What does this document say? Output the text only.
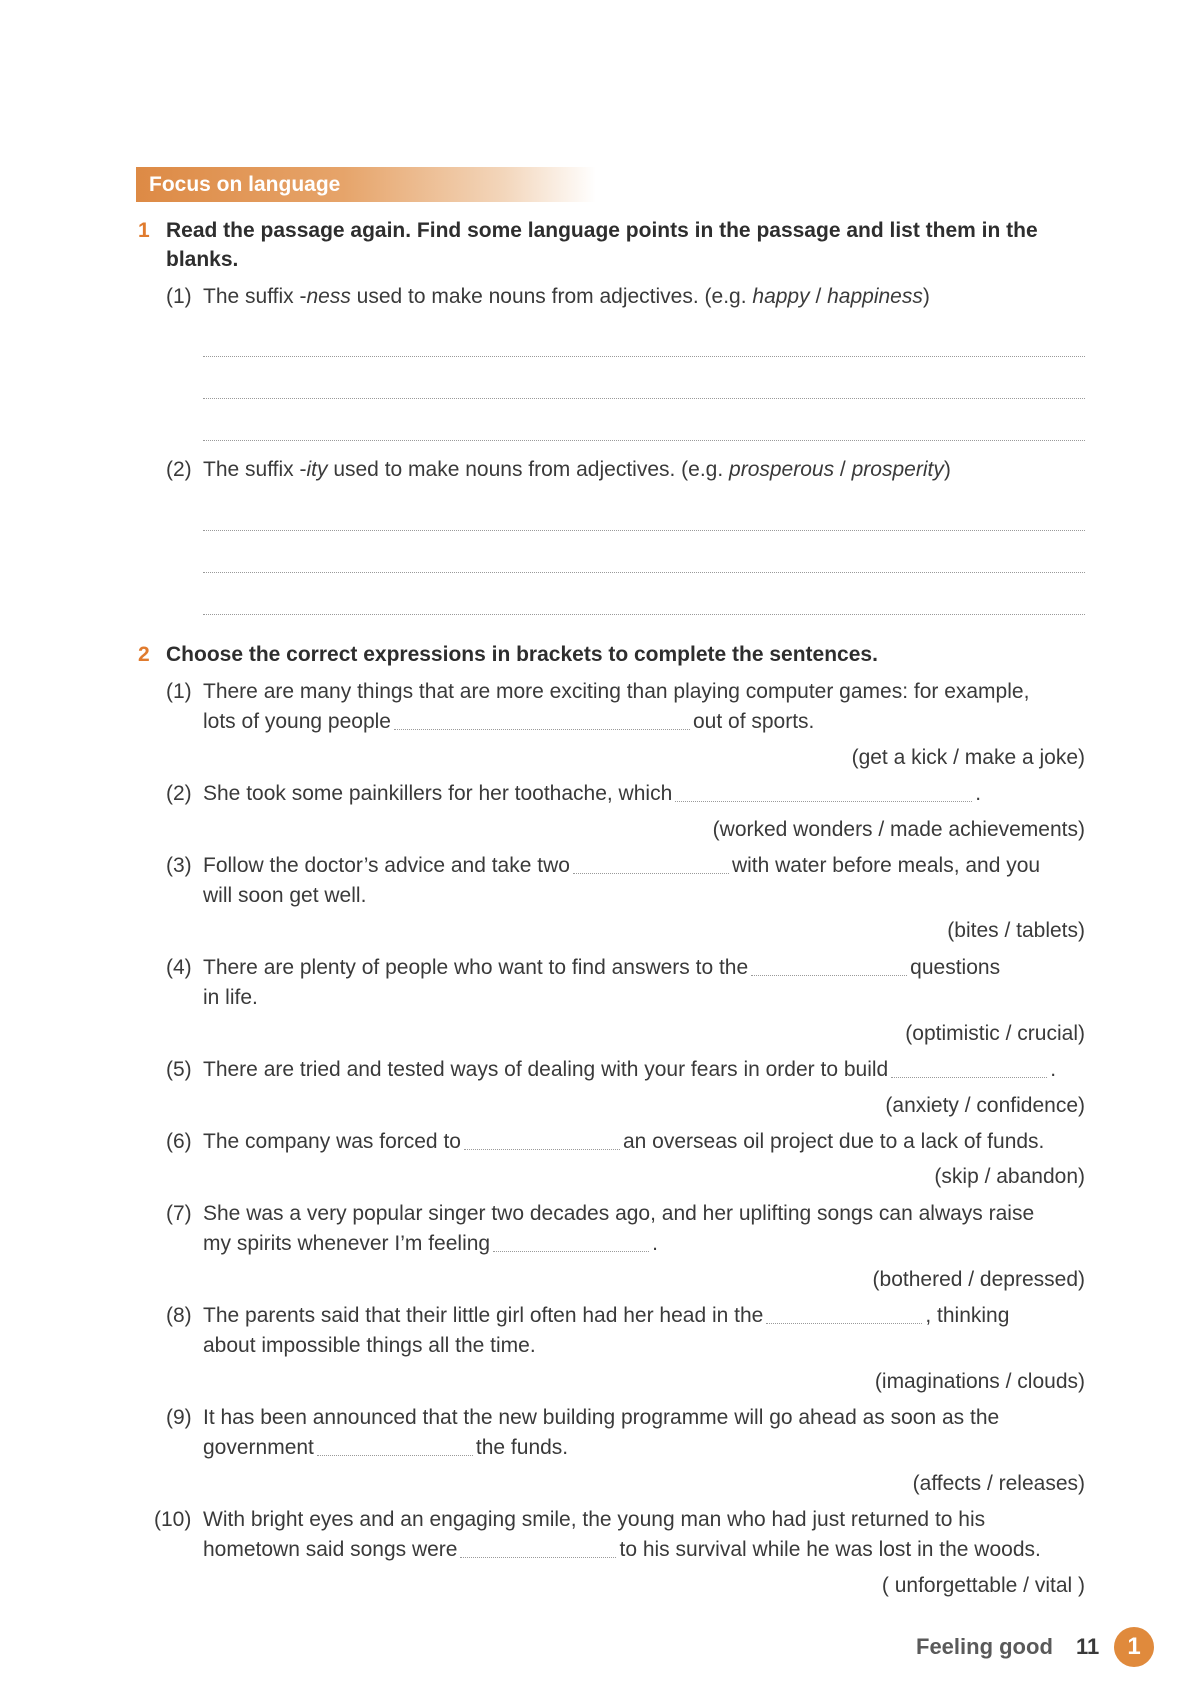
Focus on language
1 Read the passage again. Find some language points in the passage and list them in the blanks.
(1) The suffix -ness used to make nouns from adjectives. (e.g. happy / happiness)
(2) The suffix -ity used to make nouns from adjectives. (e.g. prosperous / prosperity)
2 Choose the correct expressions in brackets to complete the sentences.
(1) There are many things that are more exciting than playing computer games: for example,
lots of young people	out of sports.
(get a kick / make a joke)
(2) She took some painkillers for her toothache, which	.
(worked wonders / made achievements)
(3) Follow the doctor’s advice and take two	with water before meals, and you
will soon get well.
(bites / tablets)
(4) There are plenty of people who want to find answers to the	questions
in life.
(optimistic / crucial)
(5) There are tried and tested ways of dealing with your fears in order to build	.
(anxiety / confidence)
(6) The company was forced to	an overseas oil project due to a lack of funds.
(skip / abandon)
(7) She was a very popular singer two decades ago, and her uplifting songs can always raise
my spirits whenever I’m feeling	.
(bothered / depressed)
(8) The parents said that their little girl often had her head in the	, thinking
about impossible things all the time.
(imaginations / clouds)
(9) It has been announced that the new building programme will go ahead as soon as the
government	the funds.
(affects / releases)
(10) With bright eyes and an engaging smile, the young man who had just returned to his
hometown said songs were	to his survival while he was lost in the woods.
( unforgettable / vital )
Feeling good 11	1
